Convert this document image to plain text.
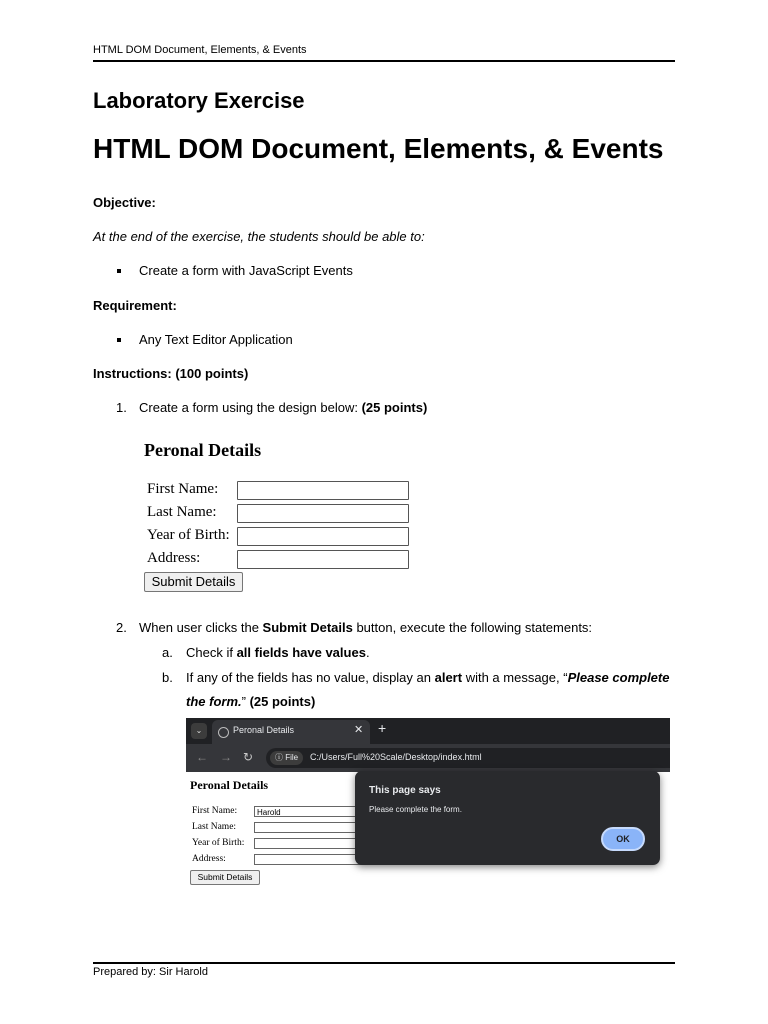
HTML DOM Document, Elements, & Events
Laboratory Exercise
HTML DOM Document, Elements, & Events
Objective:
At the end of the exercise, the students should be able to:
Create a form with JavaScript Events
Requirement:
Any Text Editor Application
Instructions: (100 points)
1. Create a form using the design below: (25 points)
Peronal Details
First Name:
Last Name:
Year of Birth:
Address:
Submit Details
2. When user clicks the Submit Details button, execute the following statements:
a. Check if all fields have values.
b. If any of the fields has no value, display an alert with a message, “Please complete
the form.” (25 points)
⌄	Peronal Details	✕ +
← → ↻	ⓘ File	C:/Users/Full%20Scale/Desktop/index.html
Peronal Details
First Name:	Harold
Last Name:
Year of Birth:
Address:
Submit Details
This page says
Please complete the form.
OK
Prepared by: Sir Harold
